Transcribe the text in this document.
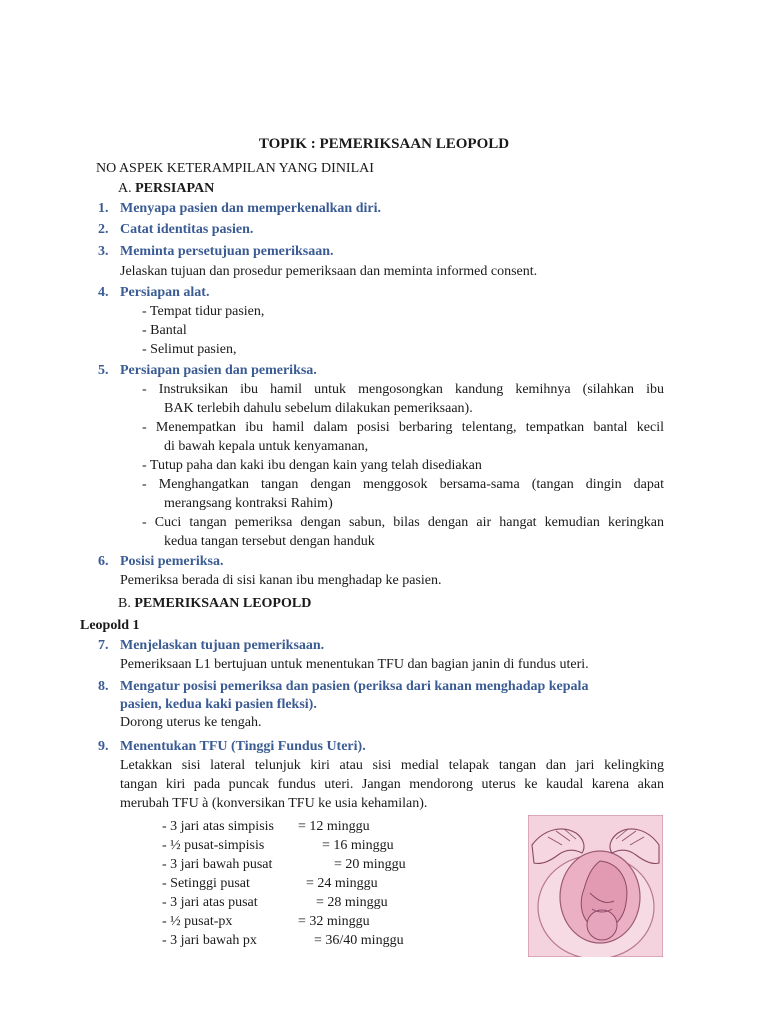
TOPIK : PEMERIKSAAN LEOPOLD
NO ASPEK KETERAMPILAN YANG DINILAI
A. PERSIAPAN
1. Menyapa pasien dan memperkenalkan diri.
2. Catat identitas pasien.
3. Meminta persetujuan pemeriksaan.
Jelaskan tujuan dan prosedur pemeriksaan dan meminta informed consent.
4. Persiapan alat.
- Tempat tidur pasien,
- Bantal
- Selimut pasien,
5. Persiapan pasien dan pemeriksa.
- Instruksikan ibu hamil untuk mengosongkan kandung kemihnya (silahkan ibu
BAK terlebih dahulu sebelum dilakukan pemeriksaan).
- Menempatkan ibu hamil dalam posisi berbaring telentang, tempatkan bantal kecil
di bawah kepala untuk kenyamanan,
- Tutup paha dan kaki ibu dengan kain yang telah disediakan
- Menghangatkan tangan dengan menggosok bersama-sama (tangan dingin dapat
merangsang kontraksi Rahim)
- Cuci tangan pemeriksa dengan sabun, bilas dengan air hangat kemudian keringkan
kedua tangan tersebut dengan handuk
6. Posisi pemeriksa.
Pemeriksa berada di sisi kanan ibu menghadap ke pasien.
B. PEMERIKSAAN LEOPOLD
Leopold 1
7. Menjelaskan tujuan pemeriksaan.
Pemeriksaan L1 bertujuan untuk menentukan TFU dan bagian janin di fundus uteri.
8. Mengatur posisi pemeriksa dan pasien (periksa dari kanan menghadap kepala
pasien, kedua kaki pasien fleksi).
Dorong uterus ke tengah.
9. Menentukan TFU (Tinggi Fundus Uteri).
Letakkan sisi lateral telunjuk kiri atau sisi medial telapak tangan dan jari kelingking
tangan kiri pada puncak fundus uteri. Jangan mendorong uterus ke kaudal karena akan
merubah TFU à (konversikan TFU ke usia kehamilan).
- 3 jari atas simpisis = 12 minggu
- ½ pusat-simpisis	= 16 minggu
- 3 jari bawah pusat	= 20 minggu
- Setinggi pusat	= 24 minggu
- 3 jari atas pusat	= 28 minggu
- ½ pusat-px	= 32 minggu
- 3 jari bawah px	= 36/40 minggu
